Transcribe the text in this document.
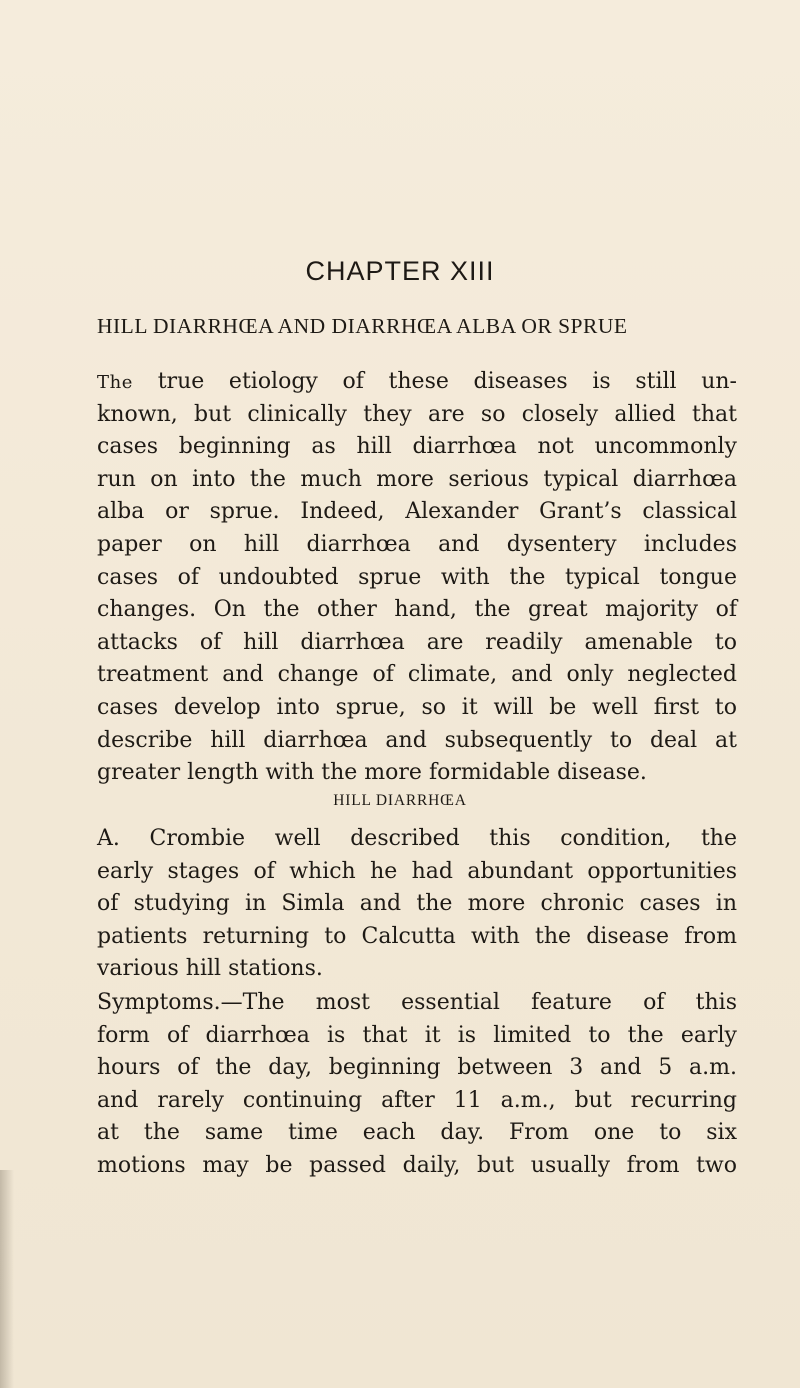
CHAPTER XIII
HILL DIARRHŒA AND DIARRHŒA ALBA OR SPRUE
The true etiology of these diseases is still un-
known, but clinically they are so closely allied that
cases beginning as hill diarrhœa not uncommonly
run on into the much more serious typical diarrhœa
alba or sprue. Indeed, Alexander Grant’s classical
paper on hill diarrhœa and dysentery includes
cases of undoubted sprue with the typical tongue
changes. On the other hand, the great majority of
attacks of hill diarrhœa are readily amenable to
treatment and change of climate, and only neglected
cases develop into sprue, so it will be well first to
describe hill diarrhœa and subsequently to deal at
greater length with the more formidable disease.
HILL DIARRHŒA
A. Crombie well described this condition, the
early stages of which he had abundant opportunities
of studying in Simla and the more chronic cases in
patients returning to Calcutta with the disease from
various hill stations.
Symptoms.—The most essential feature of this
form of diarrhœa is that it is limited to the early
hours of the day, beginning between 3 and 5 a.m.
and rarely continuing after 11 a.m., but recurring
at the same time each day. From one to six
motions may be passed daily, but usually from two
